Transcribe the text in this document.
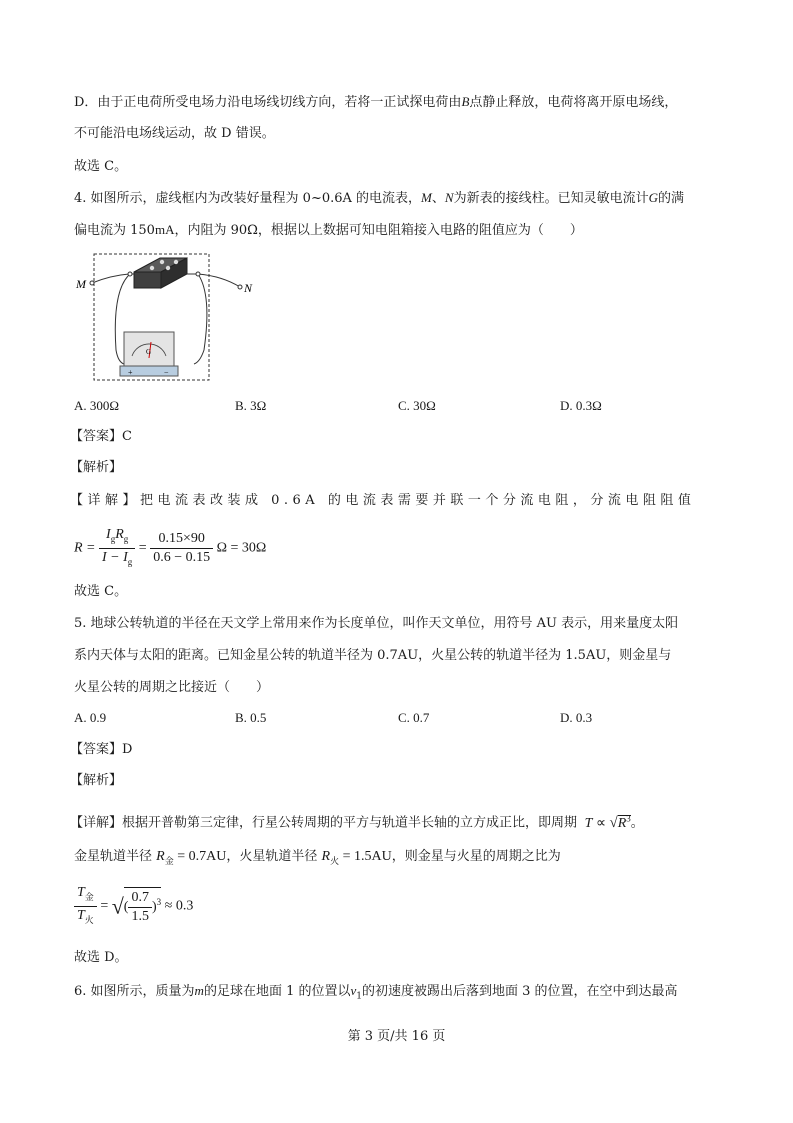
D．由于正电荷所受电场力沿电场线切线方向，若将一正试探电荷由B点静止释放，电荷将离开原电场线，
不可能沿电场线运动，故 D 错误。
故选 C。
4. 如图所示，虚线框内为改装好量程为 0~0.6A 的电流表，M、N为新表的接线柱。已知灵敏电流计G的满
偏电流为 150mA，内阻为 90Ω，根据以上数据可知电阻箱接入电路的阻值应为（　　）
M	N
G
+	−
A. 300Ω	B. 3Ω	C. 30Ω	D. 0.3Ω
【答案】C
【解析】
【详解】把电流表改装成 0.6A 的电流表需要并联一个分流电阻，分流电阻阻值
$R = \frac{I_gR_g}{I - I_g} = \frac{0.15\times 90}{0.6 - 0.15}$ Ω = 30Ω
故选 C。
5. 地球公转轨道的半径在天文学上常用来作为长度单位，叫作天文单位，用符号 AU 表示，用来量度太阳
系内天体与太阳的距离。已知金星公转的轨道半径为 0.7AU，火星公转的轨道半径为 1.5AU，则金星与
火星公转的周期之比接近（　　）
A. 0.9	B. 0.5	C. 0.7	D. 0.3
【答案】D
【解析】
【详解】根据开普勒第三定律，行星公转周期的平方与轨道半长轴的立方成正比，即周期 $T \propto √R^3$。
金星轨道半径 $R_金 = 0.7AU$，火星轨道半径 $R_火 = 1.5AU$，则金星与火星的周期之比为
$\frac{T_金}{T_火}$ = √( $\frac{0.7}{1.5} )^3 \approx 0.3$
故选 D。
6. 如图所示，质量为m的足球在地面 1 的位置以$v_1$的初速度被踢出后落到地面 3 的位置，在空中到达最高
第 3 页/共 16 页
